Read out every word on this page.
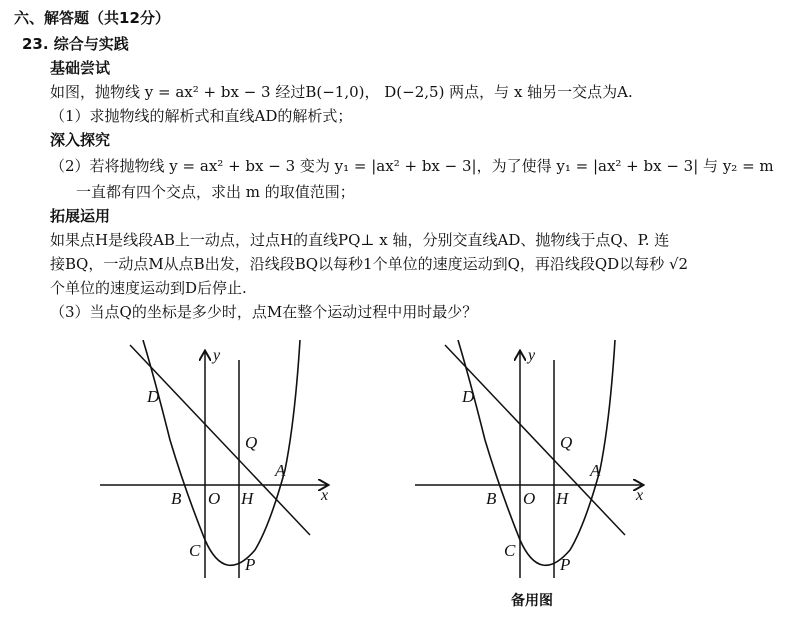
六、解答题（共12分）
23. 综合与实践
基础尝试
如图，抛物线 y = ax² + bx − 3 经过B(−1,0)， D(−2,5) 两点，与 x 轴另一交点为A.
（1）求抛物线的解析式和直线AD的解析式；
深入探究
（2）若将抛物线 y = ax² + bx − 3 变为 y₁ = |ax² + bx − 3|，为了使得 y₁ = |ax² + bx − 3| 与 y₂ = m
一直都有四个交点，求出 m 的取值范围；
拓展运用
如果点H是线段AB上一动点，过点H的直线PQ⊥ x 轴，分别交直线AD、抛物线于点Q、P. 连
接BQ，一动点M从点B出发，沿线段BQ以每秒1个单位的速度运动到Q，再沿线段QD以每秒 √2
个单位的速度运动到D后停止.
（3）当点Q的坐标是多少时，点M在整个运动过程中用时最少？
D
Q
A
B O H
C
P
x
y
D
Q
A
B O H
C
P
x
y
备用图
